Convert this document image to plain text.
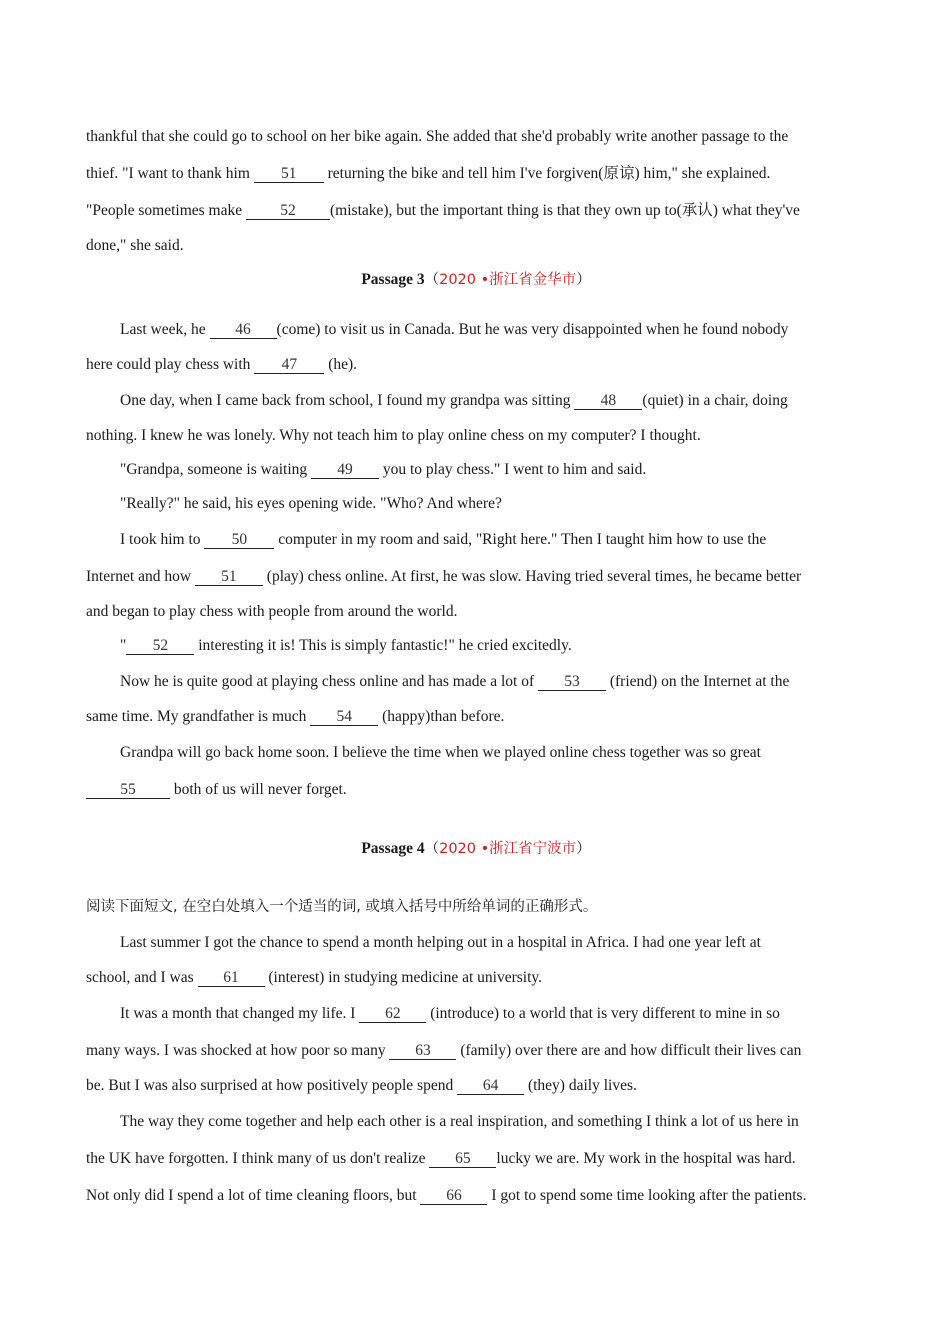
thankful that she could go to school on her bike again. She added that she'd probably write another passage to the
thief. "I want to thank him 51 returning the bike and tell him I've forgiven(原谅) him," she explained.
"People sometimes make 52 (mistake), but the important thing is that they own up to(承认) what they've
done," she said.
Passage 3（2020 •浙江省金华市）
Last week, he 46 (come) to visit us in Canada. But he was very disappointed when he found nobody
here could play chess with 47 (he).
One day, when I came back from school, I found my grandpa was sitting 48 (quiet) in a chair, doing
nothing. I knew he was lonely. Why not teach him to play online chess on my computer? I thought.
"Grandpa, someone is waiting 49 you to play chess." I went to him and said.
"Really?" he said, his eyes opening wide. "Who? And where?
I took him to 50 computer in my room and said, "Right here." Then I taught him how to use the
Internet and how 51 (play) chess online. At first, he was slow. Having tried several times, he became better
and began to play chess with people from around the world.
" 52 interesting it is! This is simply fantastic!" he cried excitedly.
Now he is quite good at playing chess online and has made a lot of 53 (friend) on the Internet at the
same time. My grandfather is much 54 (happy)than before.
Grandpa will go back home soon. I believe the time when we played online chess together was so great
55 both of us will never forget.
Passage 4（2020 •浙江省宁波市）
阅读下面短文, 在空白处填入一个适当的词, 或填入括号中所给单词的正确形式。
Last summer I got the chance to spend a month helping out in a hospital in Africa. I had one year left at
school, and I was 61 (interest) in studying medicine at university.
It was a month that changed my life. I 62 (introduce) to a world that is very different to mine in so
many ways. I was shocked at how poor so many 63 (family) over there are and how difficult their lives can
be. But I was also surprised at how positively people spend 64 (they) daily lives.
The way they come together and help each other is a real inspiration, and something I think a lot of us here in
the UK have forgotten. I think many of us don't realize 65 lucky we are. My work in the hospital was hard.
Not only did I spend a lot of time cleaning floors, but 66 I got to spend some time looking after the patients.
